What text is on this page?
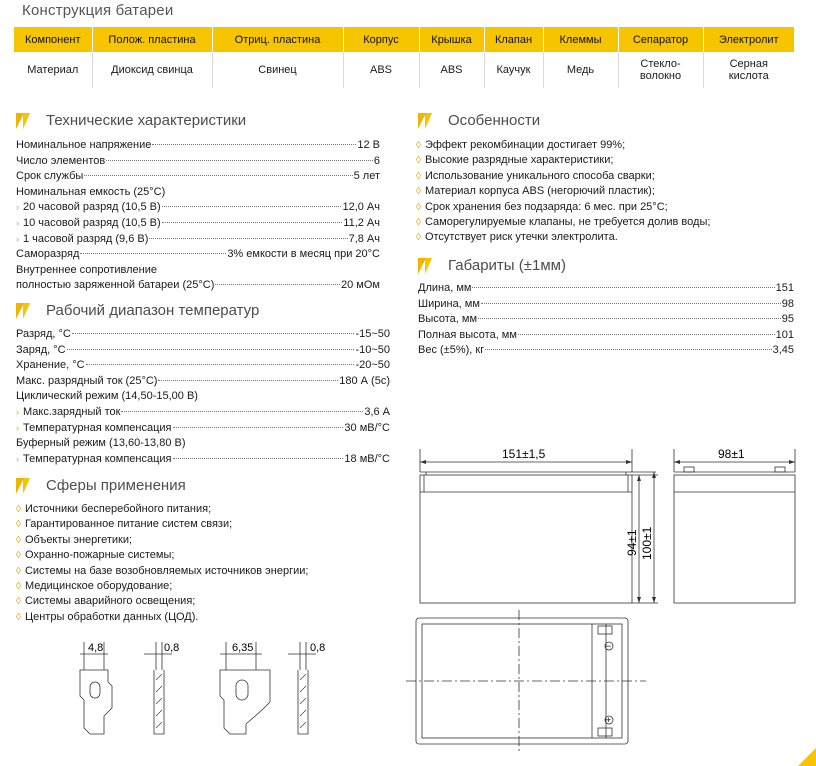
Конструкция батареи
Компонент	Полож. пластина	Отриц. пластина	Корпус	Крышка	Клапан	Клеммы	Сепаратор	Электролит
Материал	Диоксид свинца	Свинец	ABS	ABS	Каучук	Медь	Стекло-волокно	Серная кислота
Технические характеристики
Номинальное напряжение	12 В
Число элементов	6
Срок службы	5 лет
Номинальная емкость (25°С)
› 20 часовой разряд (10,5 В)	12,0 Ач
› 10 часовой разряд (10,5 В)	11,2 Ач
› 1 часовой разряд (9,6 В)	7,8 Ач
Саморазряд	3% емкости в месяц при 20°С
Внутреннее сопротивление
полностью заряженной батареи (25°С)	20 мОм
Рабочий диапазон температур
Разряд, °С	-15~50
Заряд, °С	-10~50
Хранение, °С	-20~50
Макс. разрядный ток (25°С)	180 А (5с)
Циклический режим (14,50-15,00 В)
› Макс.зарядный ток	3,6 А
› Температурная компенсация	30 мВ/°С
Буферный режим (13,60-13,80 В)
› Температурная компенсация	18 мВ/°С
Сферы применения
◊ Источники бесперебойного питания;
◊ Гарантированное питание систем связи;
◊ Объекты энергетики;
◊ Охранно-пожарные системы;
◊ Системы на базе возобновляемых источников энергии;
◊ Медицинское оборудование;
◊ Системы аварийного освещения;
◊ Центры обработки данных (ЦОД).
Особенности
◊ Эффект рекомбинации достигает 99%;
◊ Высокие разрядные характеристики;
◊ Использование уникального способа сварки;
◊ Материал корпуса ABS (негорючий пластик);
◊ Срок хранения без подзаряда: 6 мес. при 25°С;
◊ Саморегулируемые клапаны, не требуется долив воды;
◊ Отсутствует риск утечки электролита.
Габариты (±1мм)
Длина, мм	151
Ширина, мм	98
Высота, мм	95
Полная высота, мм	101
Вес (±5%), кг	3,45
151±1,5	98±1
94±1 100±1
−
+
4,8	0,8	6,35	0,8
